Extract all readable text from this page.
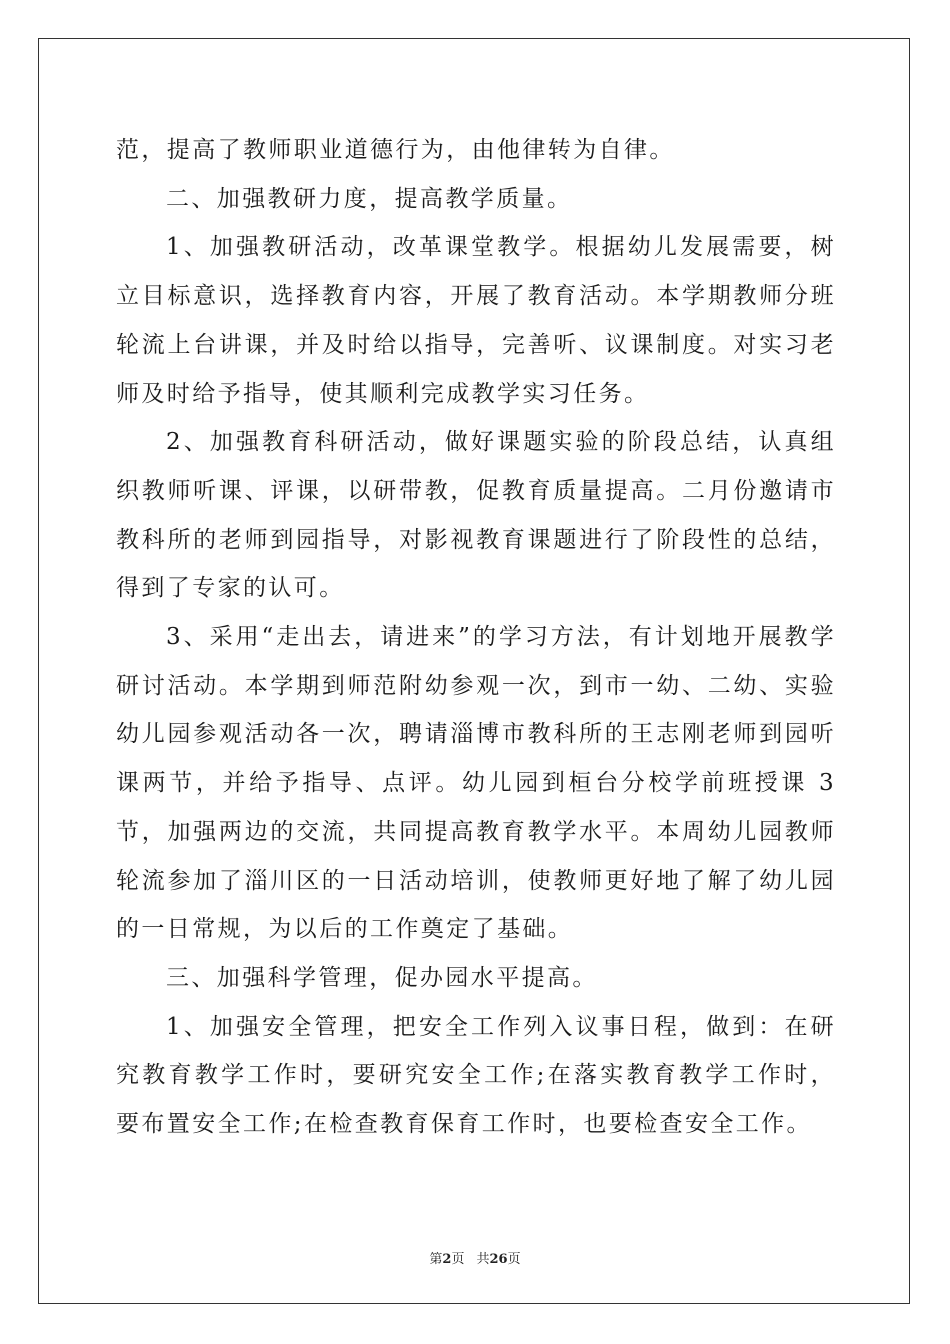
范，提高了教师职业道德行为，由他律转为自律。

二、加强教研力度，提高教学质量。

1、加强教研活动，改革课堂教学。根据幼儿发展需要，树立目标意识，选择教育内容，开展了教育活动。本学期教师分班轮流上台讲课，并及时给以指导，完善听、议课制度。对实习老师及时给予指导，使其顺利完成教学实习任务。

2、加强教育科研活动，做好课题实验的阶段总结，认真组织教师听课、评课，以研带教，促教育质量提高。二月份邀请市教科所的老师到园指导，对影视教育课题进行了阶段性的总结，得到了专家的认可。

3、采用“走出去，请进来”的学习方法，有计划地开展教学研讨活动。本学期到师范附幼参观一次，到市一幼、二幼、实验幼儿园参观活动各一次，聘请淄博市教科所的王志刚老师到园听课两节，并给予指导、点评。幼儿园到桓台分校学前班授课 3 节，加强两边的交流，共同提高教育教学水平。本周幼儿园教师轮流参加了淄川区的一日活动培训，使教师更好地了解了幼儿园的一日常规，为以后的工作奠定了基础。

三、加强科学管理，促办园水平提高。

1、加强安全管理，把安全工作列入议事日程，做到：在研究教育教学工作时，要研究安全工作;在落实教育教学工作时，要布置安全工作;在检查教育保育工作时，也要检查安全工作。

第2页 共26页
